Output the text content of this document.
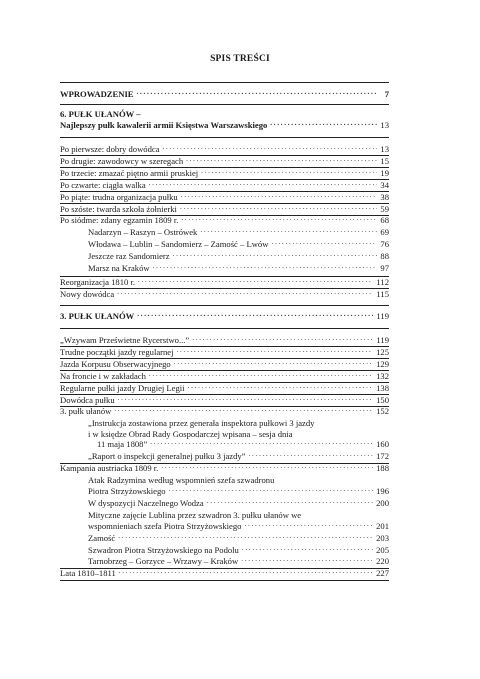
SPIS TREŚCI
WPROWADZENIE . . .	7
6. PUŁK UŁANÓW –
Najlepszy pułk kawalerii armii Księstwa Warszawskiego . . .	13
Po pierwsze: dobry dowódca . . .	13
Po drugie: zawodowcy w szeregach . . .	15
Po trzecie: zmazać piętno armii pruskiej . . .	19
Po czwarte: ciągła walka . . .	34
Po piąte: trudna organizacja pułku . . .	38
Po szóste: twarda szkoła żołnierki . . .	59
Po siódme: zdany egzamin 1809 r. . . .	68
Nadarzyn – Raszyn – Ostrówek . . .	69
Włodawa – Lublin – Sandomierz – Zamość – Lwów . . .	76
Jeszcze raz Sandomierz . . .	88
Marsz na Kraków . . .	97
Reorganizacja 1810 r. . . .	112
Nowy dowódca . . .	115
3. PUŁK UŁANÓW . . .	119
„Wzywam Prześwietne Rycerstwo...” . . .	119
Trudne początki jazdy regularnej . . .	125
Jazda Korpusu Obserwacyjnego . . .	129
Na froncie i w zakładach . . .	132
Regularne pułki jazdy Drugiej Legii . . .	138
Dowódca pułku . . .	150
3. pułk ułanów . . .	152
„Instrukcja zostawiona przez generała inspektora pułkowi 3 jazdy
i w księdze Obrad Rady Gospodarczej wpisana – sesja dnia
11 maja 1808” . . .	160
„Raport o inspekcji generalnej pułku 3 jazdy” . . .	172
Kampania austriacka 1809 r. . . .	188
Atak Radzymina według wspomnień szefa szwadronu
Piotra Strzyżowskiego . . .	196
W dyspozycji Naczelnego Wodza . . .	200
Mityczne zajęcie Lublina przez szwadron 3. pułku ułanów we
wspomnieniach szefa Piotra Strzyżowskiego . . .	201
Zamość . . .	203
Szwadron Piotra Strzyżowskiego na Podolu . . .	205
Tarnobrzeg – Gorzyce – Wrzawy – Kraków . . .	220
Lata 1810–1811 . . .	227
